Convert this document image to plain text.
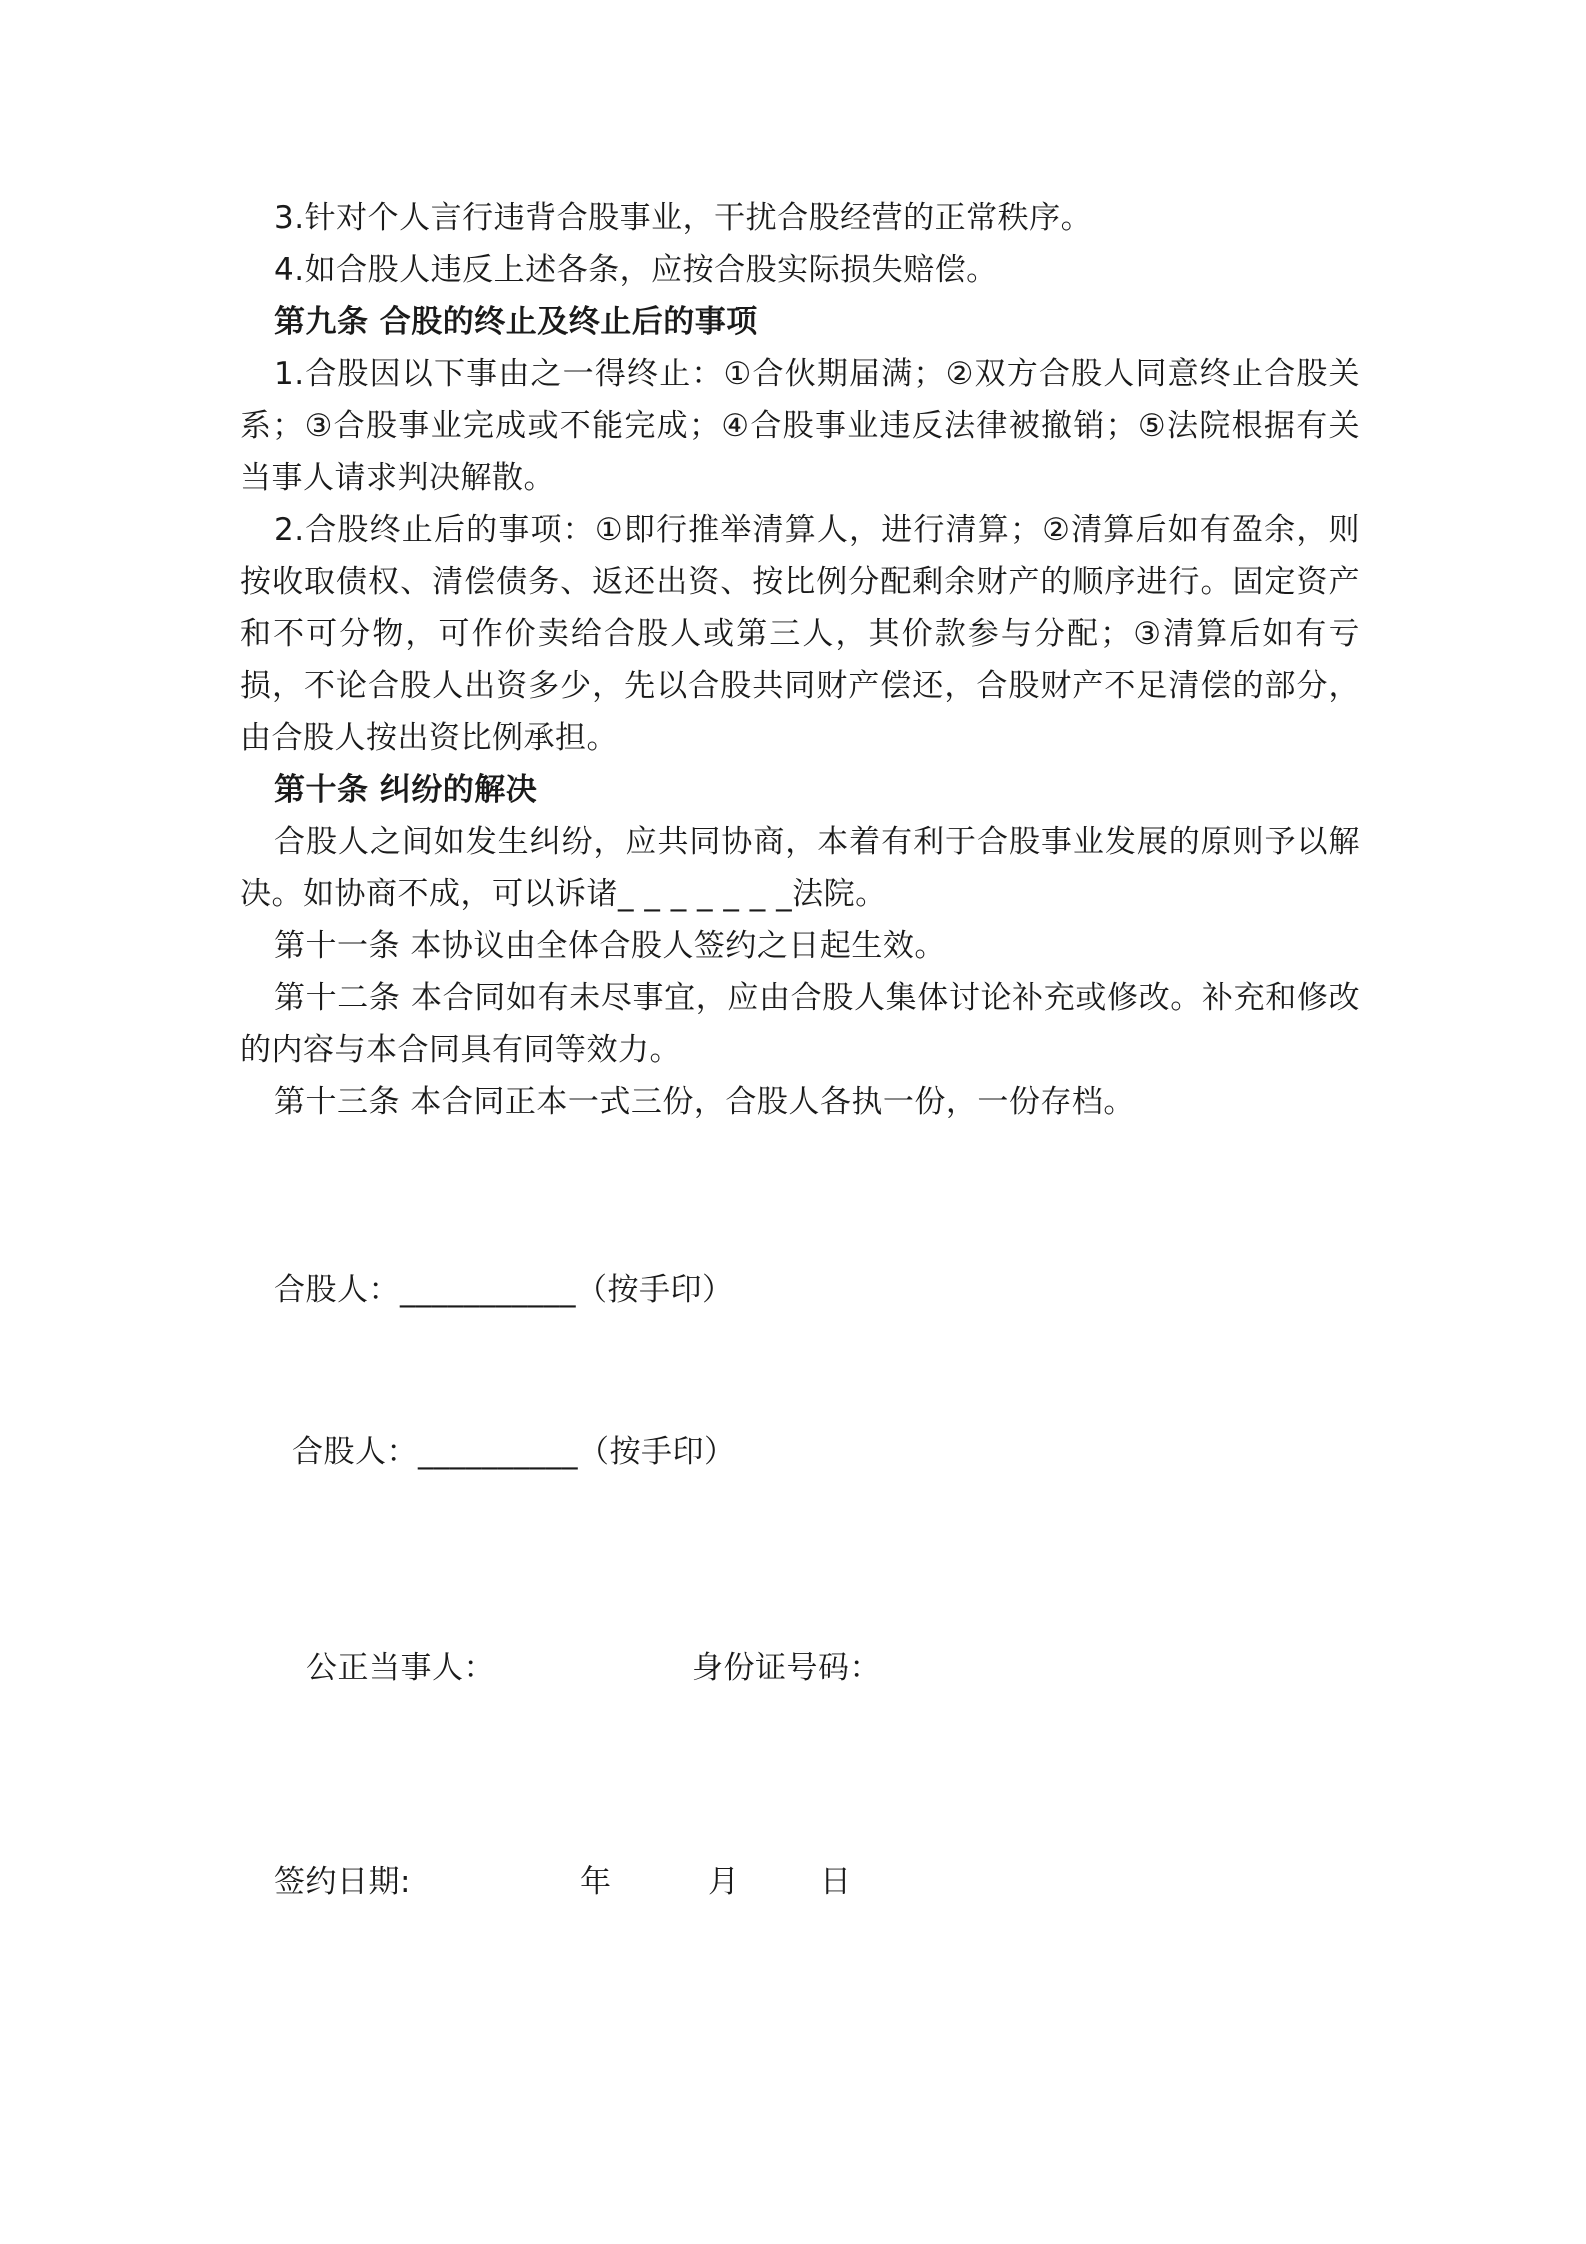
3.针对个人言行违背合股事业，干扰合股经营的正常秩序。

4.如合股人违反上述各条，应按合股实际损失赔偿。

第九条 合股的终止及终止后的事项

1.合股因以下事由之一得终止：①合伙期届满；②双方合股人同意终止合股关系；③合股事业完成或不能完成；④合股事业违反法律被撤销；⑤法院根据有关当事人请求判决解散。

2.合股终止后的事项：①即行推举清算人，进行清算；②清算后如有盈余，则按收取债权、清偿债务、返还出资、按比例分配剩余财产的顺序进行。固定资产和不可分物，可作价卖给合股人或第三人，其价款参与分配；③清算后如有亏损，不论合股人出资多少，先以合股共同财产偿还，合股财产不足清偿的部分，由合股人按出资比例承担。

第十条 纠纷的解决

合股人之间如发生纠纷，应共同协商，本着有利于合股事业发展的原则予以解决。如协商不成，可以诉诸_ _ _ _ _ _ _法院。

第十一条 本协议由全体合股人签约之日起生效。

第十二条 本合同如有未尽事宜，应由合股人集体讨论补充或修改。补充和修改的内容与本合同具有同等效力。

第十三条 本合同正本一式三份，合股人各执一份，一份存档。

合股人：___________（按手印）
合股人：__________（按手印）
公正当事人：	身份证号码：
签约日期:	年	月	日
